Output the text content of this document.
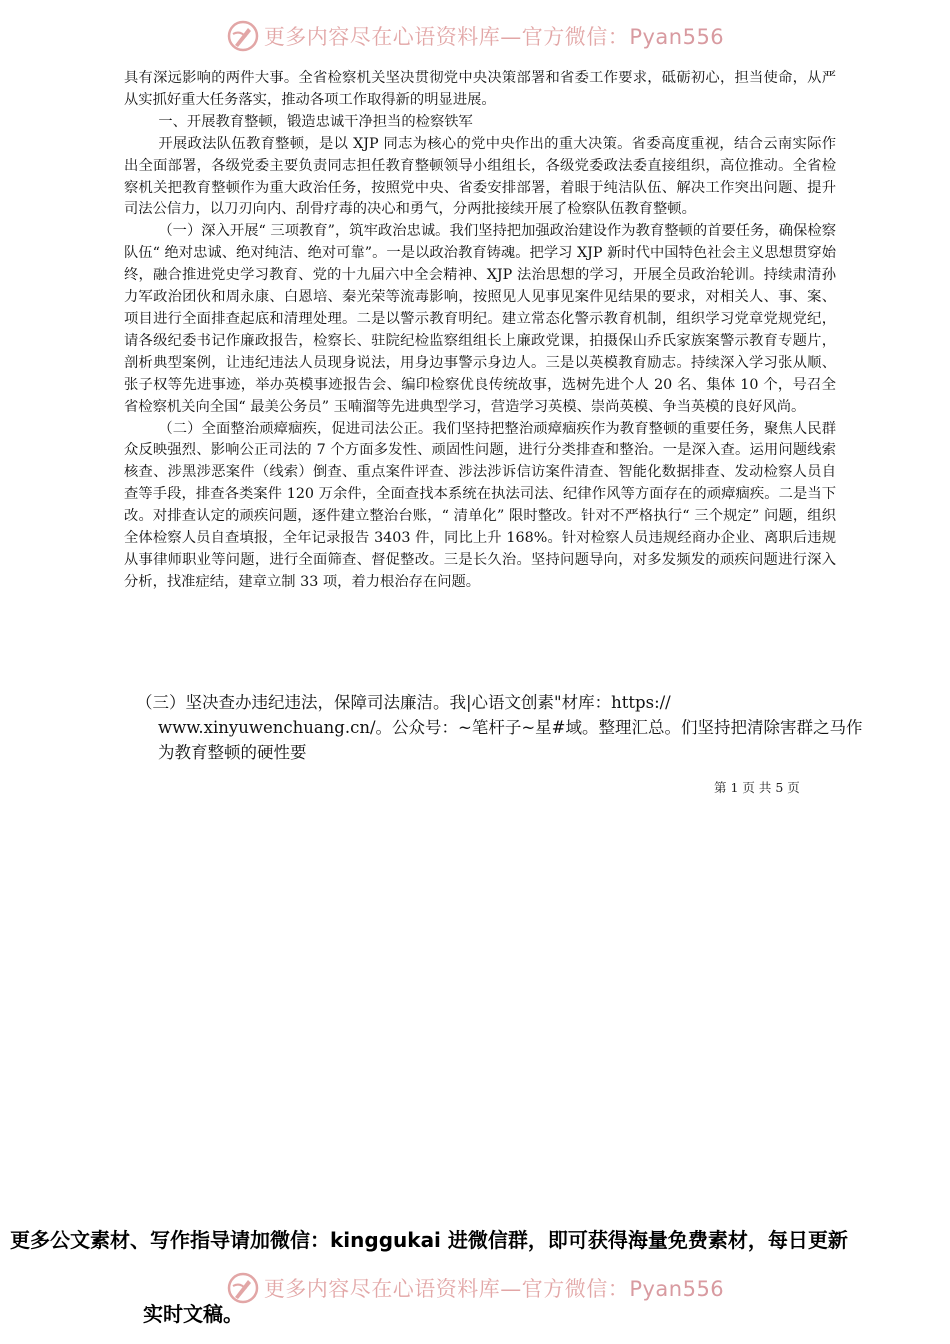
更多内容尽在心语资料库—官方微信：Pyan556

具有深远影响的两件大事。全省检察机关坚决贯彻党中央决策部署和省委工作要求，砥砺初心，担当使命，从严从实抓好重大任务落实，推动各项工作取得新的明显进展。

一、开展教育整顿，锻造忠诚干净担当的检察铁军

开展政法队伍教育整顿，是以 XJP 同志为核心的党中央作出的重大决策。省委高度重视，结合云南实际作出全面部署，各级党委主要负责同志担任教育整顿领导小组组长，各级党委政法委直接组织，高位推动。全省检察机关把教育整顿作为重大政治任务，按照党中央、省委安排部署，着眼于纯洁队伍、解决工作突出问题、提升司法公信力，以刀刃向内、刮骨疗毒的决心和勇气，分两批接续开展了检察队伍教育整顿。

（一）深入开展“ 三项教育”，筑牢政治忠诚。我们坚持把加强政治建设作为教育整顿的首要任务，确保检察队伍“ 绝对忠诚、绝对纯洁、绝对可靠”。一是以政治教育铸魂。把学习 XJP 新时代中国特色社会主义思想贯穿始终，融合推进党史学习教育、党的十九届六中全会精神、XJP 法治思想的学习，开展全员政治轮训。持续肃清孙力军政治团伙和周永康、白恩培、秦光荣等流毒影响，按照见人见事见案件见结果的要求，对相关人、事、案、项目进行全面排查起底和清理处理。二是以警示教育明纪。建立常态化警示教育机制，组织学习党章党规党纪，请各级纪委书记作廉政报告，检察长、驻院纪检监察组组长上廉政党课，拍摄保山乔氏家族案警示教育专题片，剖析典型案例，让违纪违法人员现身说法，用身边事警示身边人。三是以英模教育励志。持续深入学习张从顺、张子权等先进事迹，举办英模事迹报告会、编印检察优良传统故事，选树先进个人 20 名、集体 10 个，号召全省检察机关向全国“ 最美公务员” 玉喃溜等先进典型学习，营造学习英模、崇尚英模、争当英模的良好风尚。

（二）全面整治顽瘴痼疾，促进司法公正。我们坚持把整治顽瘴痼疾作为教育整顿的重要任务，聚焦人民群众反映强烈、影响公正司法的 7 个方面多发性、顽固性问题，进行分类排查和整治。一是深入查。运用问题线索核查、涉黑涉恶案件（线索）倒查、重点案件评查、涉法涉诉信访案件清查、智能化数据排查、发动检察人员自查等手段，排查各类案件 120 万余件，全面查找本系统在执法司法、纪律作风等方面存在的顽瘴痼疾。二是当下改。对排查认定的顽疾问题，逐件建立整治台账，“ 清单化” 限时整改。针对不严格执行“ 三个规定” 问题，组织全体检察人员自查填报，全年记录报告 3403 件，同比上升 168%。针对检察人员违规经商办企业、离职后违规从事律师职业等问题，进行全面筛查、督促整改。三是长久治。坚持问题导向，对多发频发的顽疾问题进行深入分析，找准症结，建章立制 33 项，着力根治存在问题。

（三）坚决查办违纪违法，保障司法廉洁。我|心语文创素"材库：https://
www.xinyuwenchuang.cn/。公众号：~笔杆子~星#域。整理汇总。们坚持把清除害群之马作
为教育整顿的硬性要
第 1 页 共 5 页
更多公文素材、写作指导请加微信：kinggukai 进微信群，即可获得海量免费素材，每日更新
更多内容尽在心语资料库—官方微信：Pyan556
实时文稿。
